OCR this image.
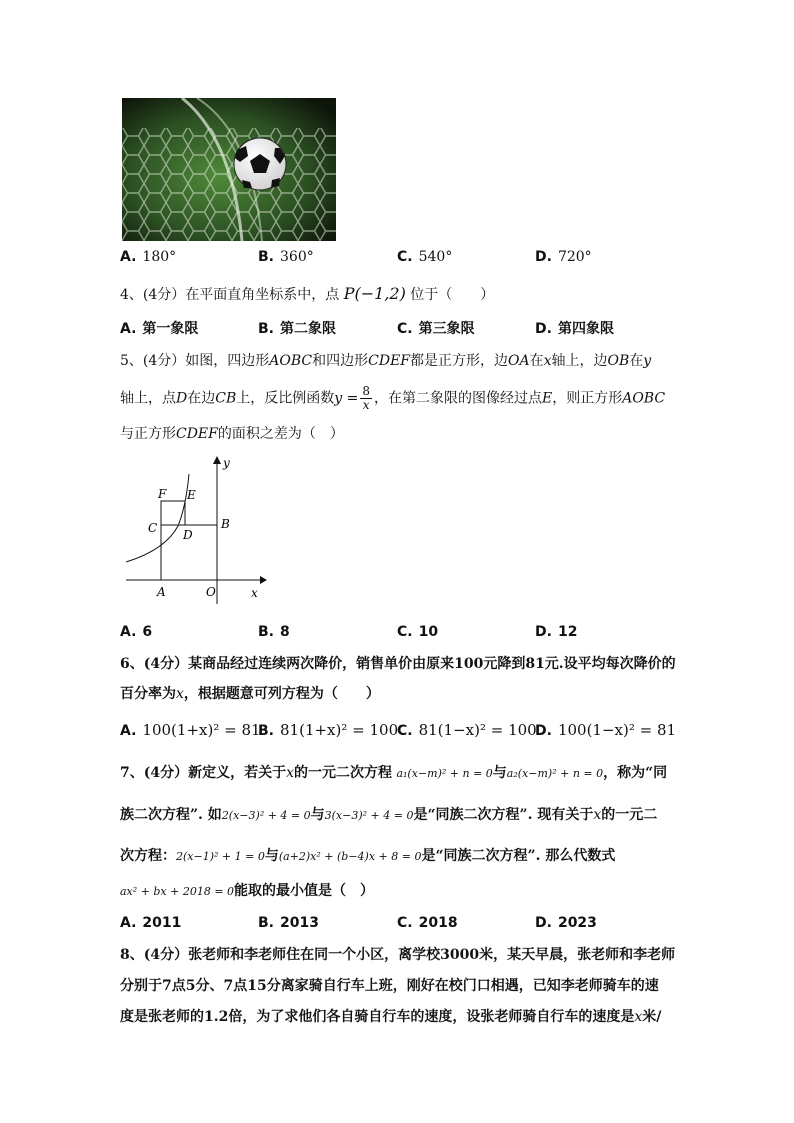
A. 180°	B. 360°	C. 540°	D. 720°
4、(4分）在平面直角坐标系中，点 P(−1,2) 位于（　　）
A. 第一象限	B. 第二象限	C. 第三象限	D. 第四象限
5、(4分）如图，四边形AOBC和四边形CDEF都是正方形，边OA在x轴上，边OB在y
轴上，点D在边CB上，反比例函数$y = \frac{8}{x}$ ，在第二象限的图像经过点E，则正方形AOBC
与正方形CDEF的面积之差为（　）
y
x
F E
C D
B
A	O
A. 6	B. 8	C. 10	D. 12
6、(4分）某商品经过连续两次降价，销售单价由原来100元降到81元.设平均每次降价的
百分率为x，根据题意可列方程为（　　）
A. 100(1+x)² = 81
B. 81(1+x)² = 100
C. 81(1−x)² = 100
D. 100(1−x)² = 81
7、(4分）新定义，若关于x的一元二次方程 a₁(x−m)² + n = 0与a₂(x−m)² + n = 0，称为“同
族二次方程”. 如2(x−3)² + 4 = 0与3(x−3)² + 4 = 0是“同族二次方程”. 现有关于x的一元二
次方程：2(x−1)² + 1 = 0与(a+2)x² + (b−4)x + 8 = 0是“同族二次方程”. 那么代数式
ax² + bx + 2018 = 0能取的最小值是（　）
A. 2011	B. 2013	C. 2018	D. 2023
8、(4分）张老师和李老师住在同一个小区，离学校3000米，某天早晨，张老师和李老师
分别于7点5分、7点15分离家骑自行车上班，刚好在校门口相遇，已知李老师骑车的速
度是张老师的1.2倍，为了求他们各自骑自行车的速度，设张老师骑自行车的速度是x米/
